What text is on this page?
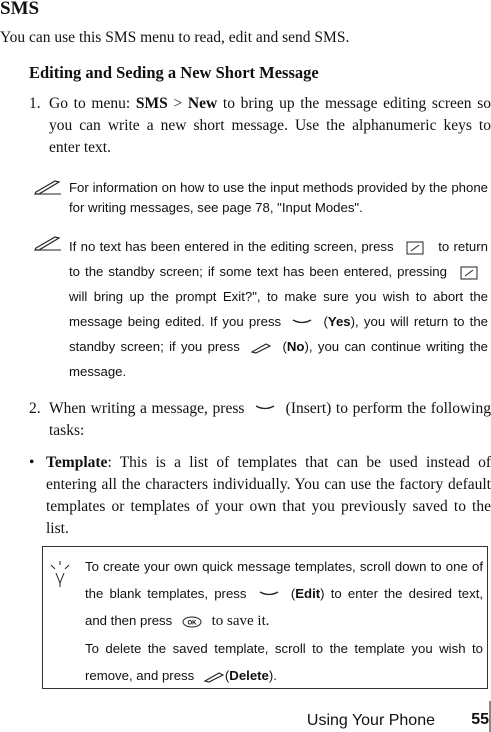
SMS
You can use this SMS menu to read, edit and send SMS.
Editing and Seding a New Short Message
1. Go to menu: SMS > New to bring up the message editing screen so you can write a new short message. Use the alphanumeric keys to enter text.
For information on how to use the input methods provided by the phone for writing messages, see page 78, "Input Modes".
If no text has been entered in the editing screen, press	to return to the standby screen; if some text has been entered, pressing  will bring up the prompt Exit?", to make sure you wish to abort the message being edited. If you press	(Yes), you will return to the standby screen; if you press	(No), you can continue writing the message.
2. When writing a message, press  (Insert) to perform the following tasks:
• Template: This is a list of templates that can be used instead of entering all the characters individually. You can use the factory default templates or templates of your own that you previously saved to the list.

To create your own quick message templates, scroll down to one of the blank templates, press	(Edit) to enter the desired text, and then press	OK to save it.

To delete the saved template, scroll to the template you wish to remove, and press (Delete).

Using Your Phone 55
